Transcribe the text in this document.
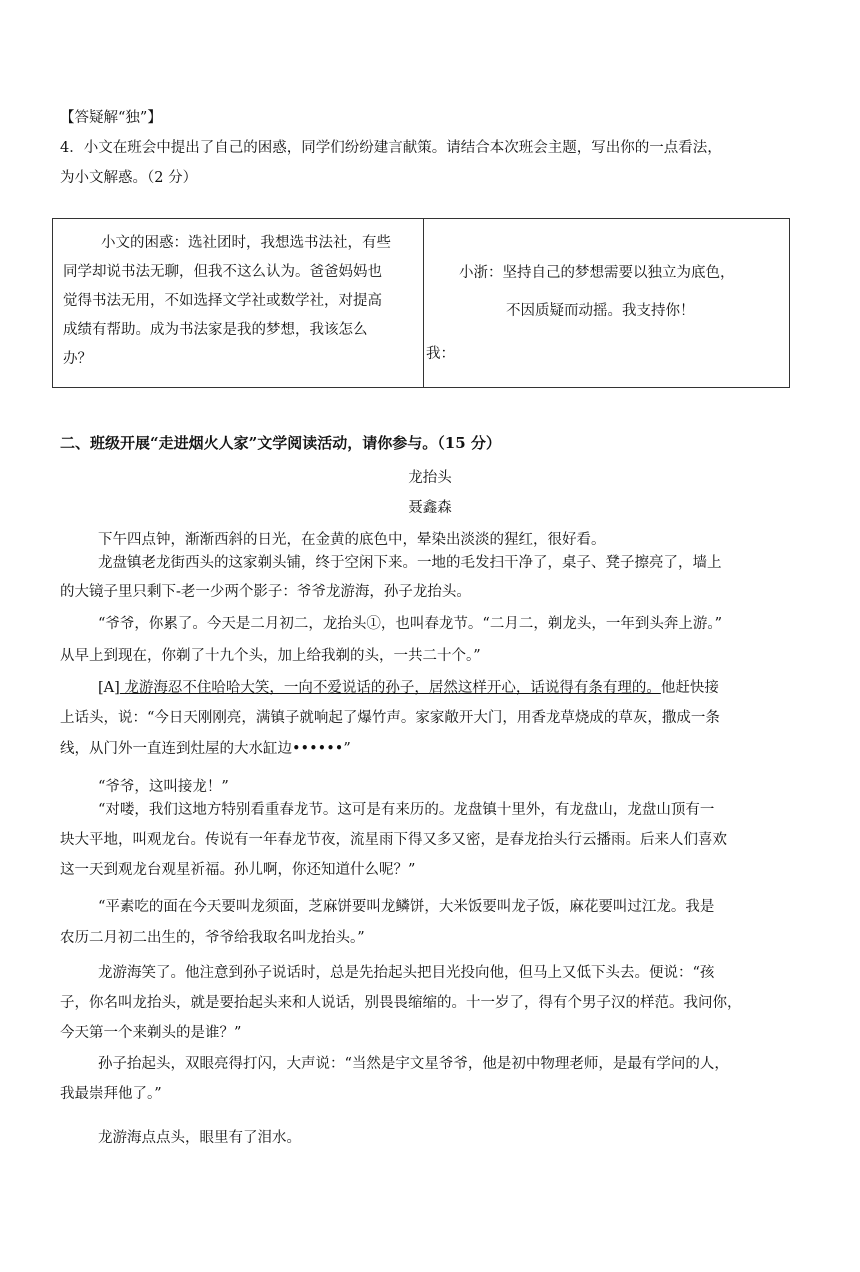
【答疑解“独”】
4．小文在班会中提出了自己的困惑，同学们纷纷建言献策。请结合本次班会主题，写出你的一点看法，
为小文解惑。（2 分）
小文的困惑：选社团时，我想选书法社，有些
同学却说书法无聊，但我不这么认为。爸爸妈妈也
觉得书法无用，不如选择文学社或数学社，对提高
成绩有帮助。成为书法家是我的梦想，我该怎么
办？
小浙：坚持自己的梦想需要以独立为底色，
不因质疑而动摇。我支持你！
我：
二、班级开展“走进烟火人家”文学阅读活动，请你参与。（15 分）
龙抬头
聂鑫森
下午四点钟，渐渐西斜的日光，在金黄的底色中，晕染出淡淡的猩红，很好看。
龙盘镇老龙街西头的这家剃头铺，终于空闲下来。一地的毛发扫干净了，桌子、凳子擦亮了，墙上
的大镜子里只剩下-老一少两个影子：爷爷龙游海，孙子龙抬头。
“爷爷，你累了。今天是二月初二，龙抬头①，也叫春龙节。“二月二，剃龙头，一年到头奔上游。”
从早上到现在，你剃了十九个头，加上给我剃的头，一共二十个。”
[A] 龙游海忍不住哈哈大笑，一向不爱说话的孙子，居然这样开心，话说得有条有理的。他赶快接
上话头，说：“今日天刚刚亮，满镇子就响起了爆竹声。家家敞开大门，用香龙草烧成的草灰，撒成一条
线，从门外一直连到灶屋的大水缸边••••••”
“爷爷，这叫接龙！”
“对喽，我们这地方特别看重春龙节。这可是有来历的。龙盘镇十里外，有龙盘山，龙盘山顶有一
块大平地，叫观龙台。传说有一年春龙节夜，流星雨下得又多又密，是春龙抬头行云播雨。后来人们喜欢
这一天到观龙台观星祈福。孙儿啊，你还知道什么呢？”
“平素吃的面在今天要叫龙须面，芝麻饼要叫龙鳞饼，大米饭要叫龙子饭，麻花要叫过江龙。我是
农历二月初二出生的，爷爷给我取名叫龙抬头。”
龙游海笑了。他注意到孙子说话时，总是先抬起头把目光投向他，但马上又低下头去。便说：“孩
子，你名叫龙抬头，就是要抬起头来和人说话，别畏畏缩缩的。十一岁了，得有个男子汉的样范。我问你，
今天第一个来剃头的是谁？”
孙子抬起头，双眼亮得打闪，大声说：“当然是宇文星爷爷，他是初中物理老师，是最有学问的人，
我最崇拜他了。”
龙游海点点头，眼里有了泪水。
